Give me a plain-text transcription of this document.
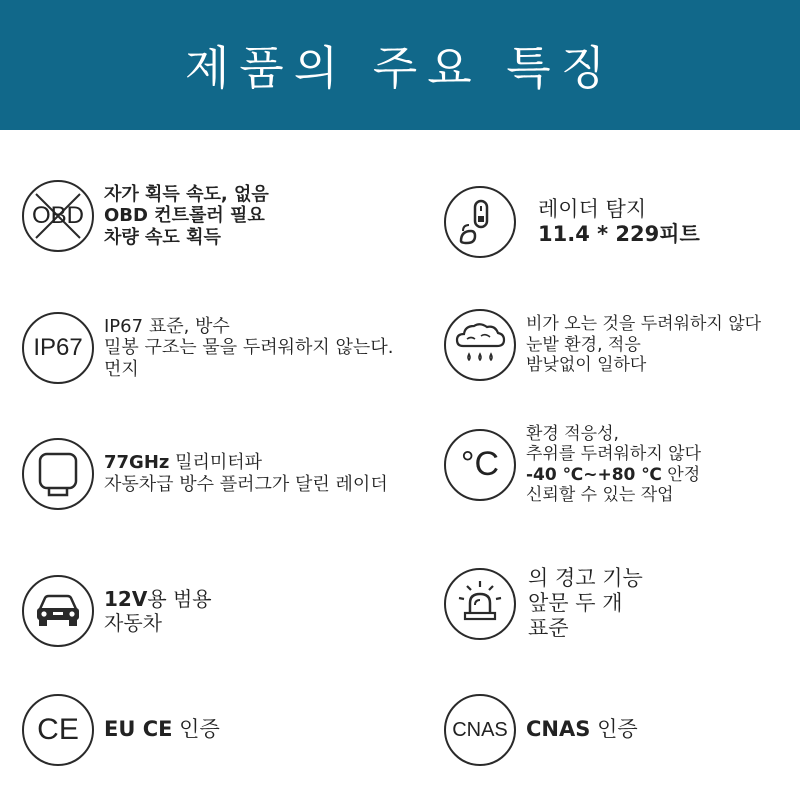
제품의 주요 특징
OBD
자가 획득 속도, 없음
OBD 컨트롤러 필요
차량 속도 획득
레이더 탐지
11.4 * 229피트
IP67
IP67 표준, 방수
밀봉 구조는 물을 두려워하지 않는다.
먼지
비가 오는 것을 두려워하지 않다
눈밭 환경, 적응
밤낮없이 일하다
77GHz 밀리미터파
자동차급 방수 플러그가 달린 레이더
°C
환경 적응성,
추위를 두려워하지 않다
-40 ℃~+80 ℃ 안정
신뢰할 수 있는 작업
12V용 범용
자동차
의 경고 기능
앞문 두 개
표준
CE EU CE 인증	CNAS CNAS 인증
